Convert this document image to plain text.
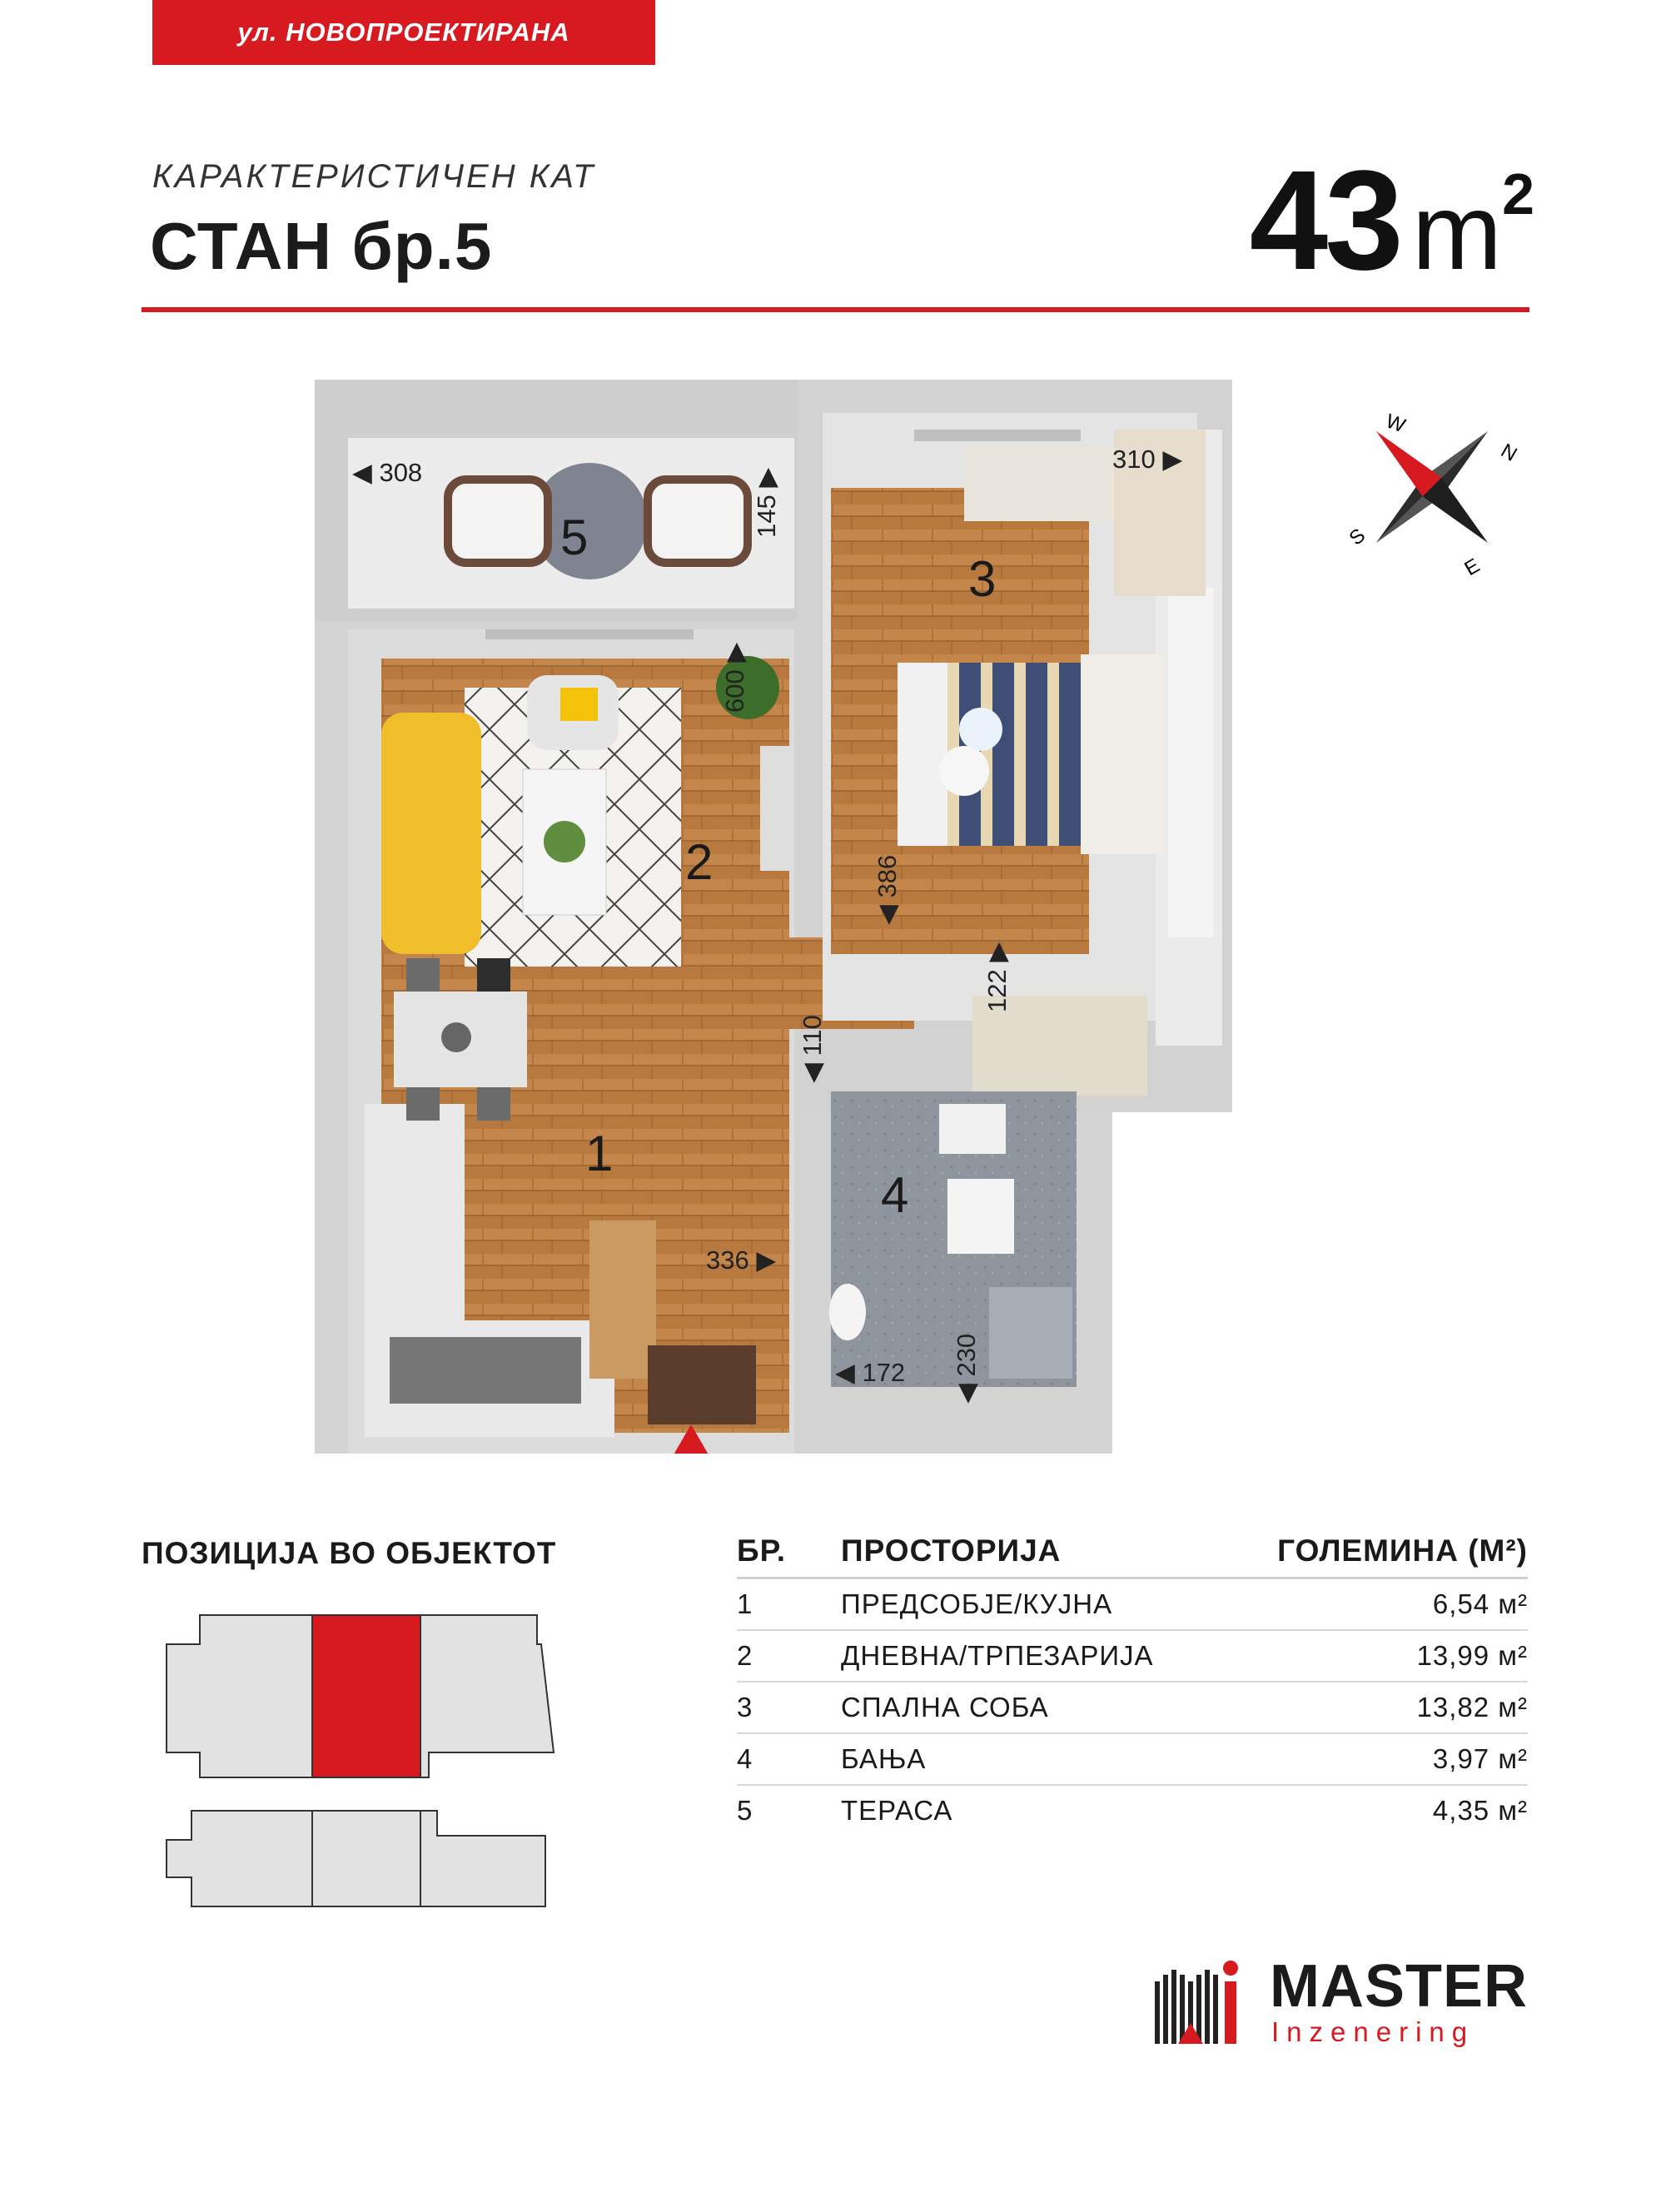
ул. НОВОПРОЕКТИРАНА
КАРАКТЕРИСТИЧЕН КАТ
СТАН бр.5	43 $m^2$
W
N
S
E
5
2
3
1
4
◀ 308
145 ▶
310 ▶
600 ▶
◀ 386
122 ▶
◀ 110
336 ▶
◀ 172
◀ 230
ПОЗИЦИЈА ВО ОБЈЕКТОТ	БР.	ПРОСТОРИЈА	ГОЛЕМИНА (М²)
1	ПРЕДСОБЈЕ/КУЈНА	6,54 м²
2	ДНЕВНА/ТРПЕЗАРИЈА	13,99 м²
3	СПАЛНА СОБА	13,82 м²
4	БАЊА	3,97 м²
5	ТЕРАСА	4,35 м²
MASTER
Inzenering
